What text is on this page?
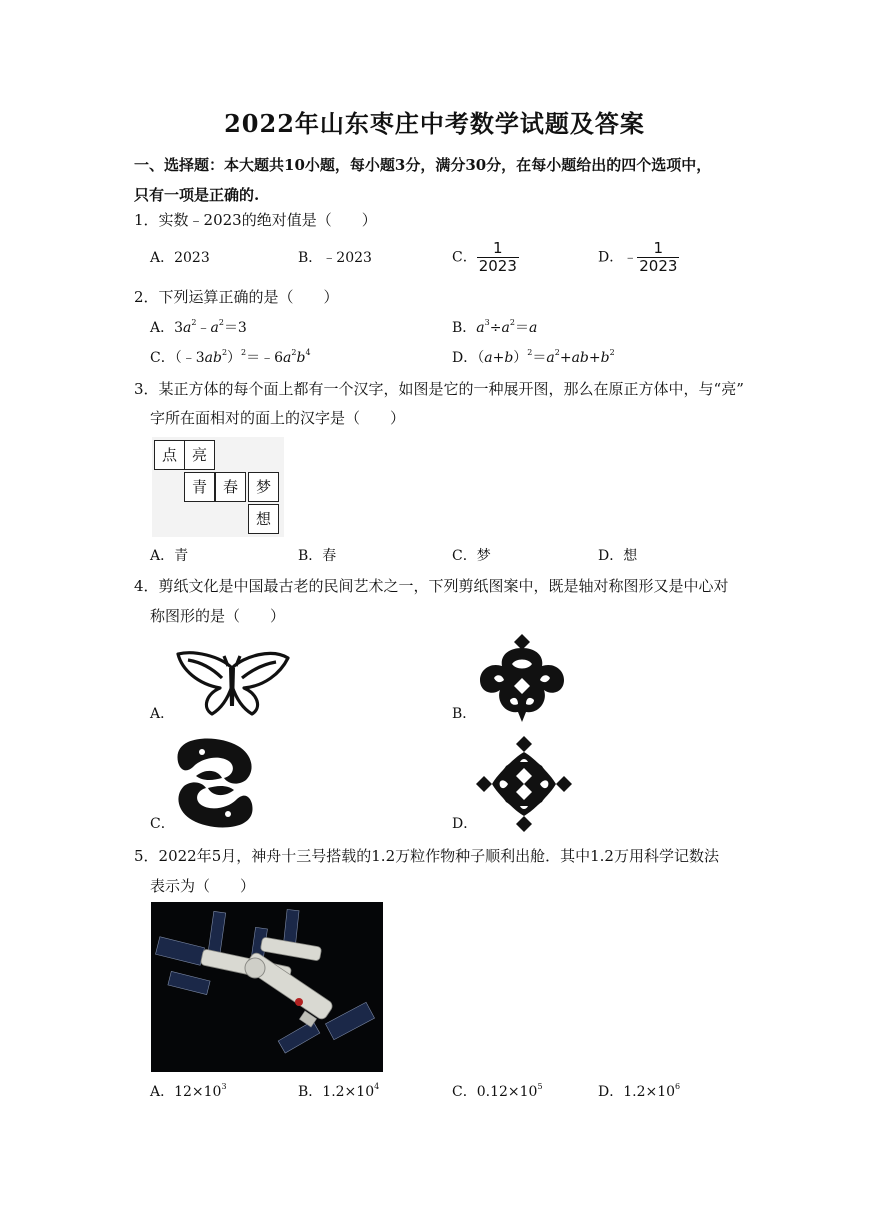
2022年山东枣庄中考数学试题及答案
一、选择题：本大题共10小题，每小题3分，满分30分，在每小题给出的四个选项中，
只有一项是正确的.
1．实数﹣2023的绝对值是（　　）
A．2023	B．﹣2023	C． $\frac{1}{2023}$	D．﹣ $\frac{1}{2023}$
2．下列运算正确的是（　　）
A．$3a^2﹣a^2=3$	B．$a^3\div a^2=a$
C．$(﹣3ab^2)^2=﹣6a^2b^4$	D．$(a+b)^2=a^2+ab+b^2$
3．某正方体的每个面上都有一个汉字，如图是它的一种展开图，那么在原正方体中，与“亮”
字所在面相对的面上的汉字是（　　）
点 亮
青	春	梦
想
A．青	B．春	C．梦	D．想
4．剪纸文化是中国最古老的民间艺术之一，下列剪纸图案中，既是轴对称图形又是中心对
称图形的是（　　）
A．	B．
C．	D．
5．2022年5月，神舟十三号搭载的1.2万粒作物种子顺利出舱．其中1.2万用科学记数法
表示为（　　）
A．$12\times 10^3$	B．$1.2\times 10^4$	C．$0.12\times 10^5$	D．$1.2\times 10^6$
